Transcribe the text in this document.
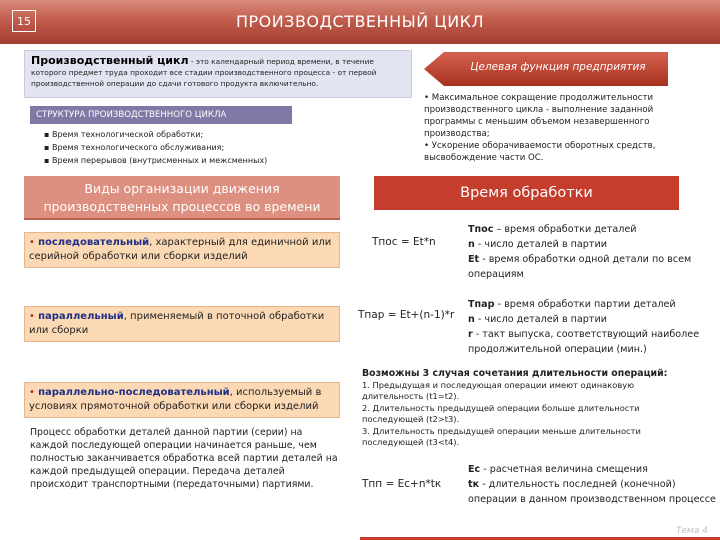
15	ПРОИЗВОДСТВЕННЫЙ ЦИКЛ
Производственный цикл - это календарный период времени, в течение которого предмет труда проходит все стадии производственного процесса - от первой производственной операции до сдачи готового продукта включительно.
СТРУКТУРА ПРОИЗВОДСТВЕННОГО ЦИКЛА
▪ Время технологической обработки;
▪ Время технологического обслуживания;
▪ Время перерывов (внутрисменных и межсменных)
Виды организации движения производственных процессов во времени
• последовательный, характерный для единичной или серийной обработки или сборки изделий
• параллельный, применяемый в поточной обработки или сборки
• параллельно-последовательный, используемый в условиях прямоточной обработки или сборки изделий
Процесс обработки деталей данной партии (серии) на каждой последующей операции начинается раньше, чем полностью заканчивается обработка всей партии деталей на каждой предыдущей операции. Передача деталей происходит транспортными (передаточными) партиями.
Целевая функция предприятия
• Максимальное сокращение продолжительности производственного цикла - выполнение заданной программы с меньшим объемом незавершенного производства;
• Ускорение оборачиваемости оборотных средств, высвобождение части ОС.
Время обработки
Тпос = Et*n
Тпос – время обработки деталей
n - число деталей в партии
Et - время обработки одной детали по всем операциям
Тпар = Et+(n-1)*r
Тпар - время обработки партии деталей
n - число деталей в партии
r - такт выпуска, соответствующий наиболее продолжительной операции (мин.)
Возможны 3 случая сочетания длительности операций:
1. Предыдущая и последующая операции имеют одинаковую длительность (t1=t2).
2. Длительность предыдущей операции больше длительности последующей (t2>t3).
3. Длительность предыдущей операции меньше длительности последующей (t3<t4).
Tпп = Ec+n*tк
Ec - расчетная величина смещения
tк - длительность последней (конечной) операции в данном производственном процессе
Тема 4
